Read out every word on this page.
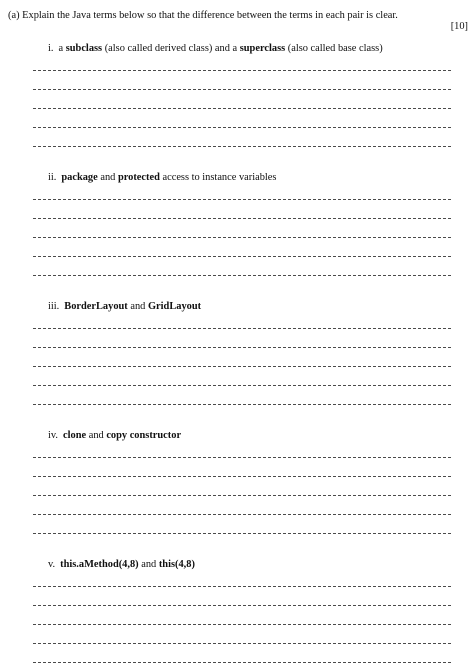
(a) Explain the Java terms below so that the difference between the terms in each pair is clear.
[10]
i. a subclass (also called derived class) and a superclass (also called base class)
ii. package and protected access to instance variables
iii. BorderLayout and GridLayout
iv. clone and copy constructor
v. this.aMethod(4,8) and this(4,8)
